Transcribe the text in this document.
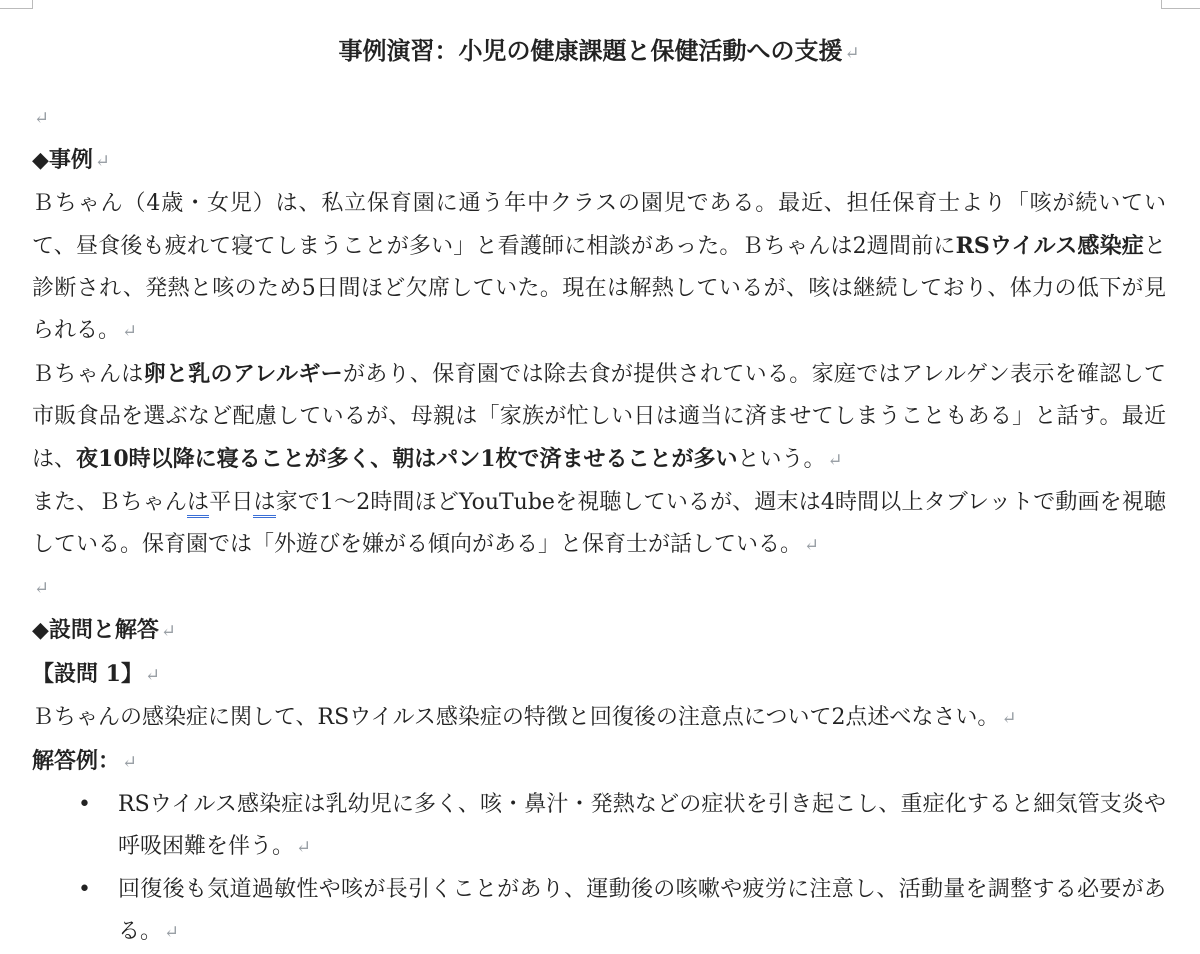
事例演習：小児の健康課題と保健活動への支援 ↵
↵
◆事例 ↵
Ｂちゃん（4歳・女児）は、私立保育園に通う年中クラスの園児である。最近、担任保育士より「咳が続いていて、昼食後も疲れて寝てしまうことが多い」と看護師に相談があった。Ｂちゃんは2週間前にRSウイルス感染症と診断され、発熱と咳のため5日間ほど欠席していた。現在は解熱しているが、咳は継続しており、体力の低下が見られる。 ↵
Ｂちゃんは卵と乳のアレルギーがあり、保育園では除去食が提供されている。家庭ではアレルゲン表示を確認して市販食品を選ぶなど配慮しているが、母親は「家族が忙しい日は適当に済ませてしまうこともある」と話す。最近は、夜10時以降に寝ることが多く、朝はパン1枚で済ませることが多いという。 ↵
また、Ｂちゃんは平日は家で1〜2時間ほどYouTubeを視聴しているが、週末は4時間以上タブレットで動画を視聴している。保育園では「外遊びを嫌がる傾向がある」と保育士が話している。 ↵
↵
◆設問と解答 ↵
【設問 1】 ↵
Ｂちゃんの感染症に関して、RSウイルス感染症の特徴と回復後の注意点について2点述べなさい。 ↵
解答例： ↵
• RSウイルス感染症は乳幼児に多く、咳・鼻汁・発熱などの症状を引き起こし、重症化すると細気管支炎や呼吸困難を伴う。 ↵
• 回復後も気道過敏性や咳が長引くことがあり、運動後の咳嗽や疲労に注意し、活動量を調整する必要がある。 ↵
